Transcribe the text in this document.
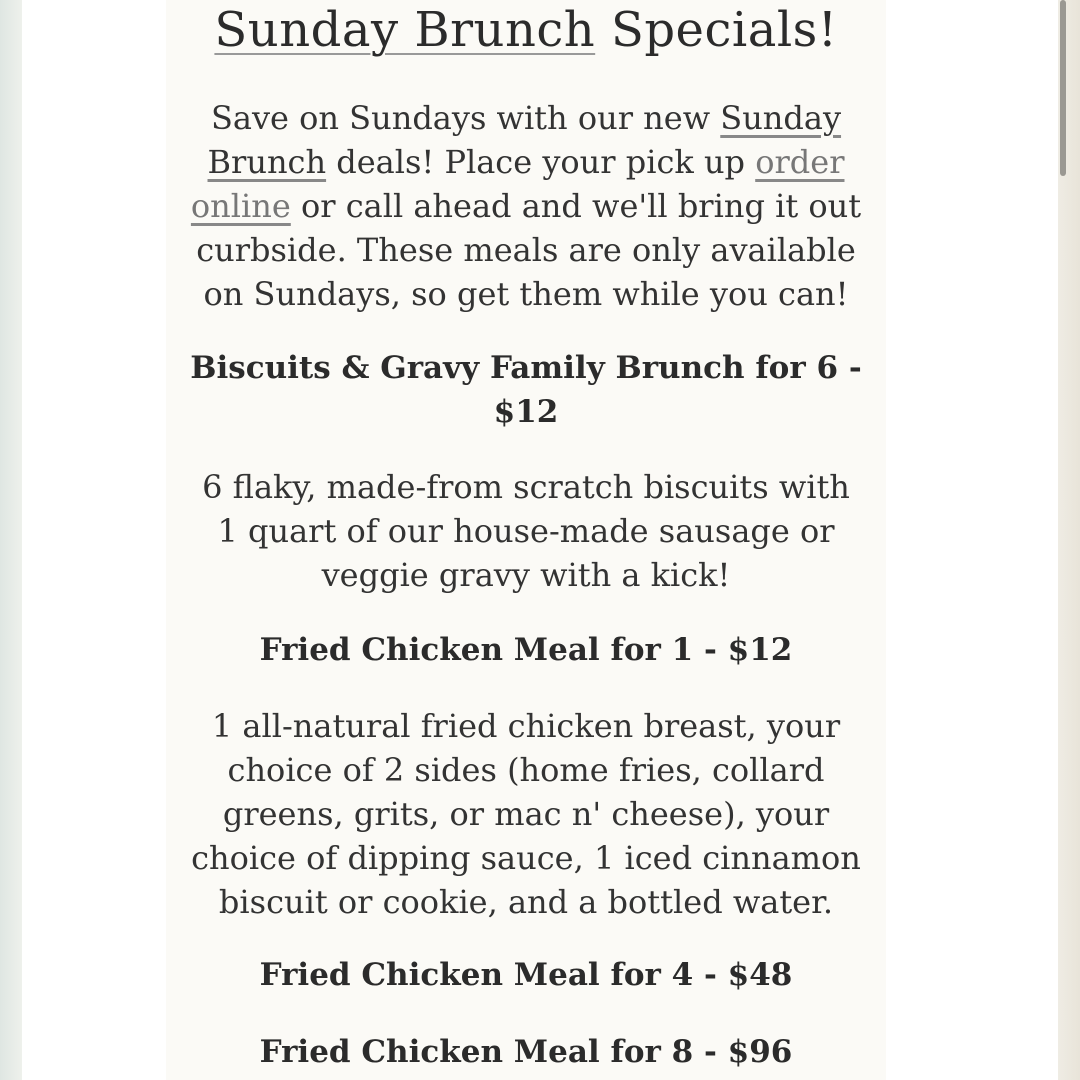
Sunday Brunch Specials!

Save on Sundays with our new Sunday Brunch deals! Place your pick up order online or call ahead and we'll bring it out curbside. These meals are only available on Sundays, so get them while you can!

Biscuits & Gravy Family Brunch for 6 -
$12

6 flaky, made-from scratch biscuits with
1 quart of our house-made sausage or
veggie gravy with a kick!

Fried Chicken Meal for 1 - $12

1 all-natural fried chicken breast, your
choice of 2 sides (home fries, collard
greens, grits, or mac n' cheese), your
choice of dipping sauce, 1 iced cinnamon
biscuit or cookie, and a bottled water.

Fried Chicken Meal for 4 - $48
Fried Chicken Meal for 8 - $96
